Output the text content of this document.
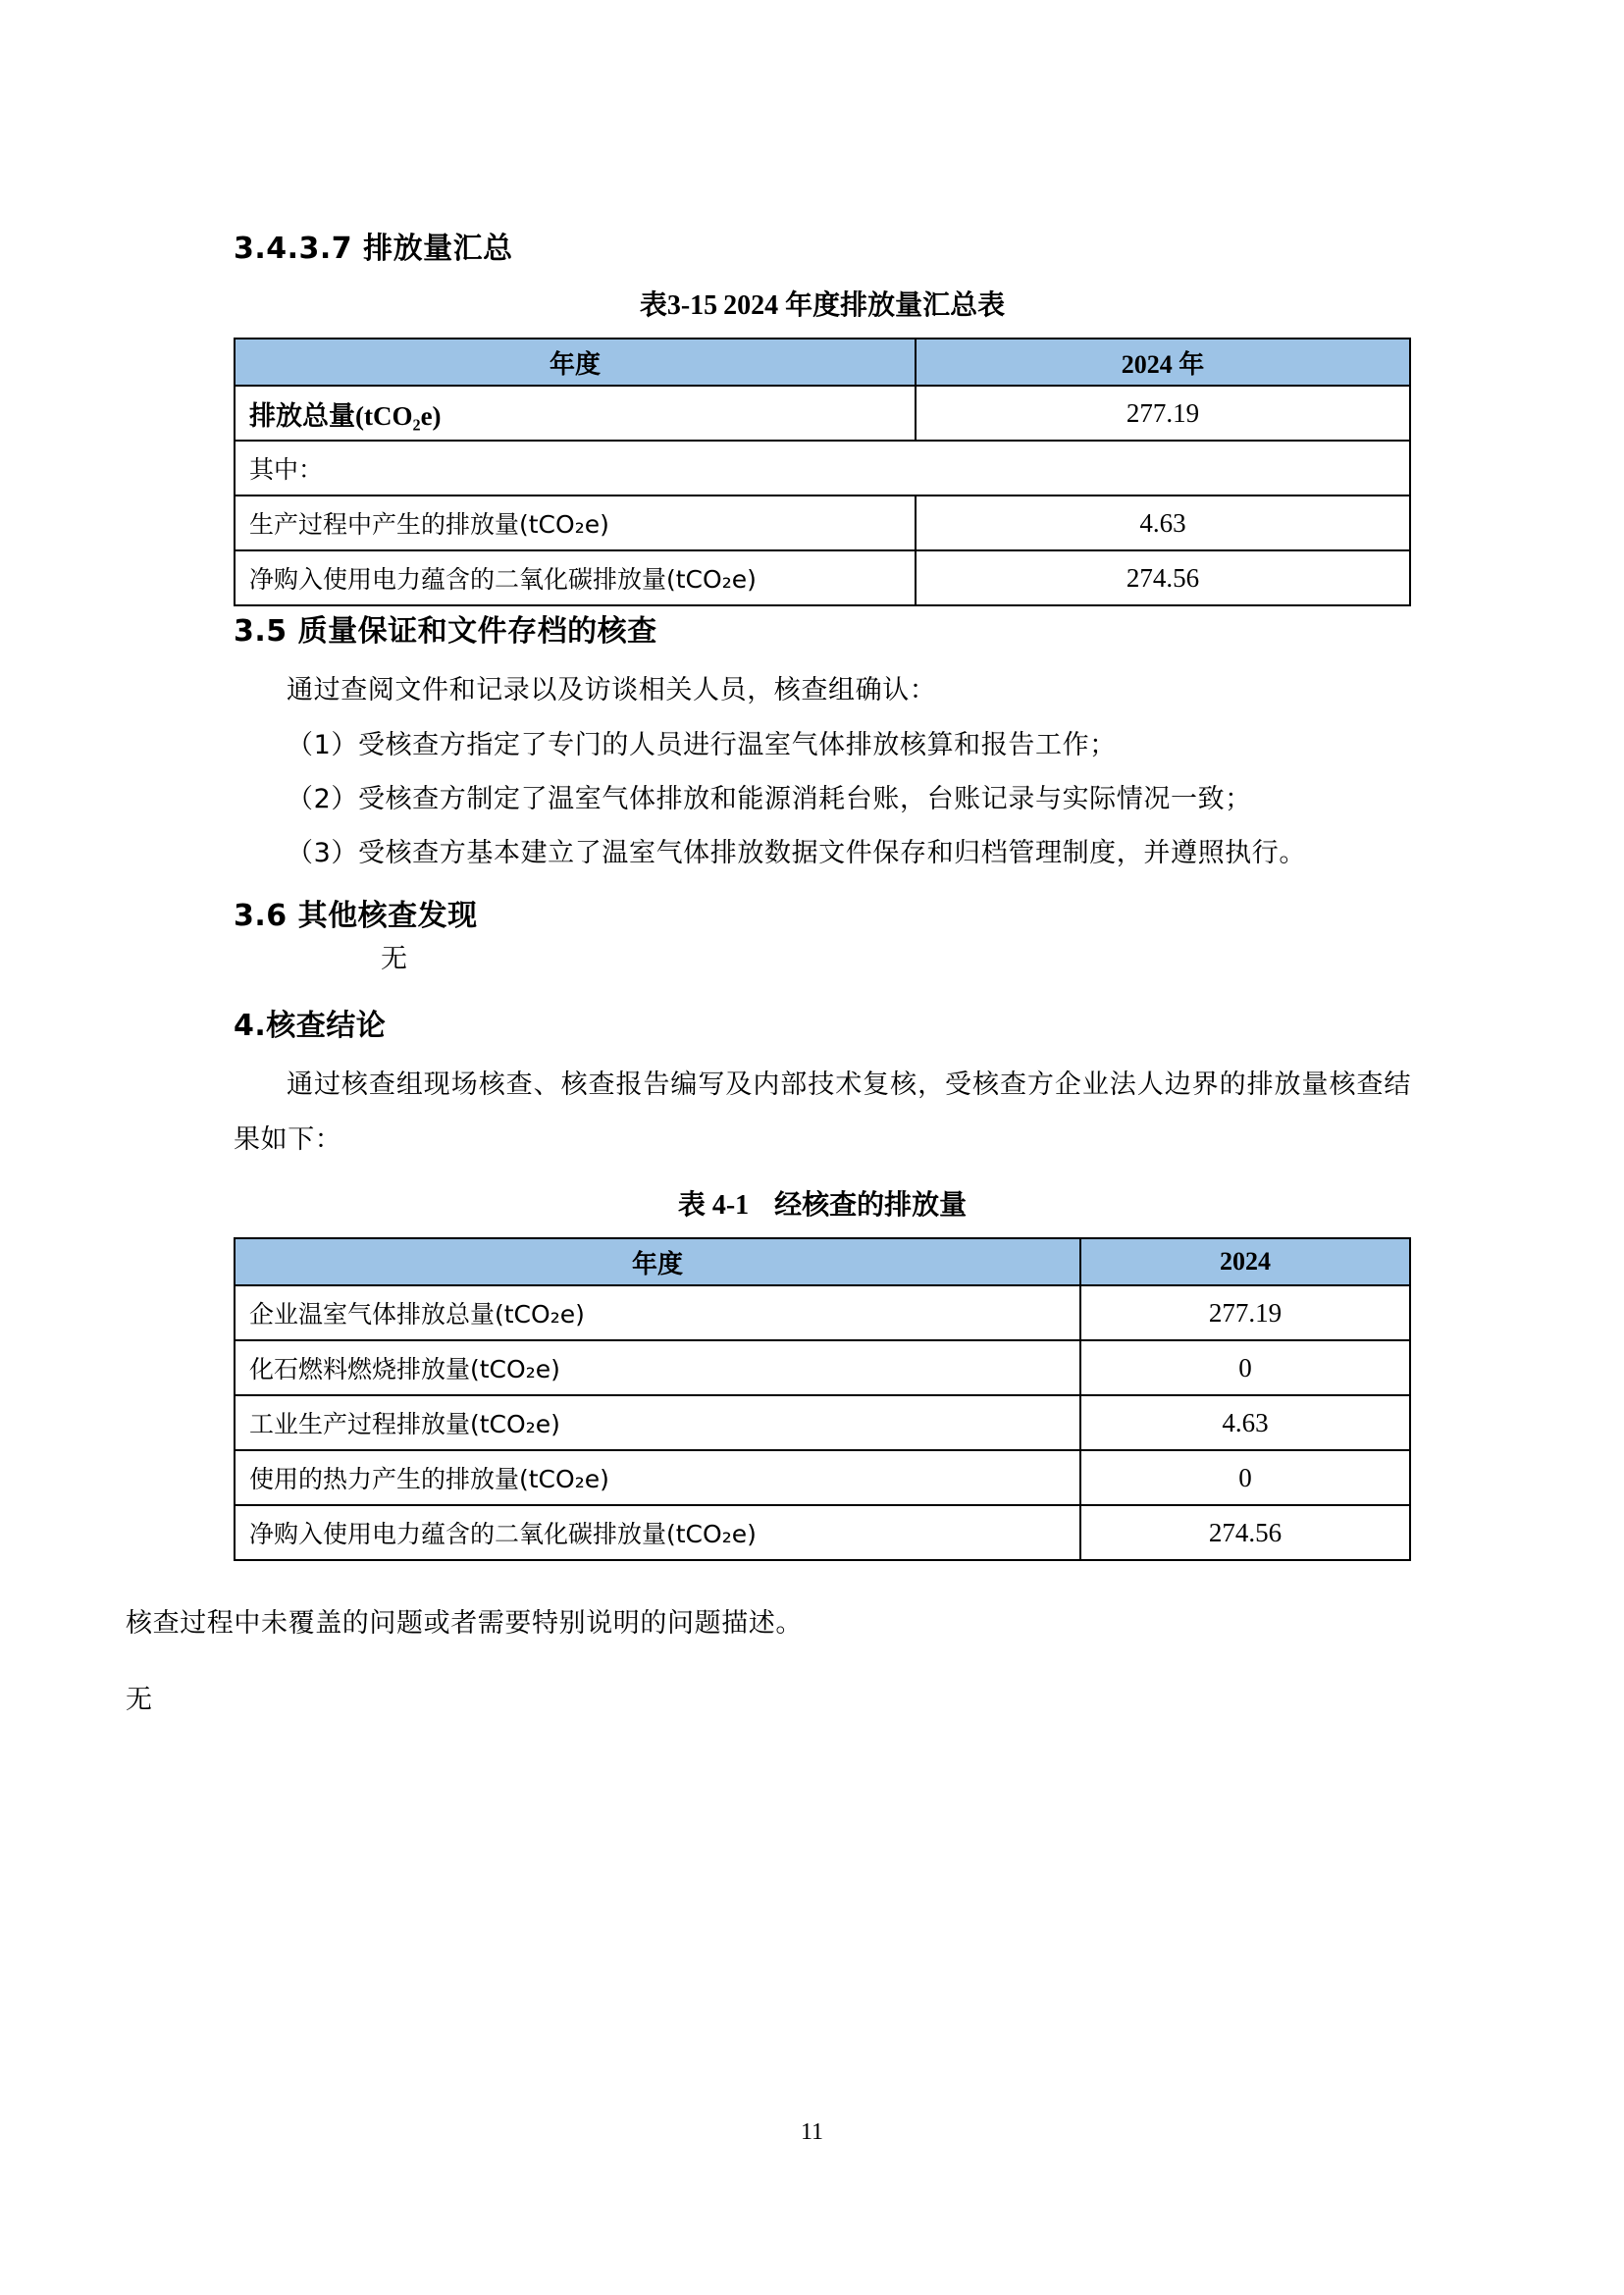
3.4.3.7 排放量汇总
表3-15 2024 年度排放量汇总表
年度	2024 年
排放总量(tCO₂e)	277.19
其中：	
生产过程中产生的排放量(tCO₂e)	4.63
净购入使用电力蕴含的二氧化碳排放量(tCO₂e)	274.56
3.5 质量保证和文件存档的核查

通过查阅文件和记录以及访谈相关人员，核查组确认：

（1）受核查方指定了专门的人员进行温室气体排放核算和报告工作；

（2）受核查方制定了温室气体排放和能源消耗台账，台账记录与实际情况一致；

（3）受核查方基本建立了温室气体排放数据文件保存和归档管理制度，并遵照执行。

3.6 其他核查发现
无
4.核查结论

通过核查组现场核查、核查报告编写及内部技术复核，受核查方企业法人边界的排放量核查结果如下：

表 4-1 经核查的排放量
年度	2024
企业温室气体排放总量(tCO₂e)	277.19
化石燃料燃烧排放量(tCO₂e)	0
工业生产过程排放量(tCO₂e)	4.63
使用的热力产生的排放量(tCO₂e)	0
净购入使用电力蕴含的二氧化碳排放量(tCO₂e)	274.56

核查过程中未覆盖的问题或者需要特别说明的问题描述。

无

11
